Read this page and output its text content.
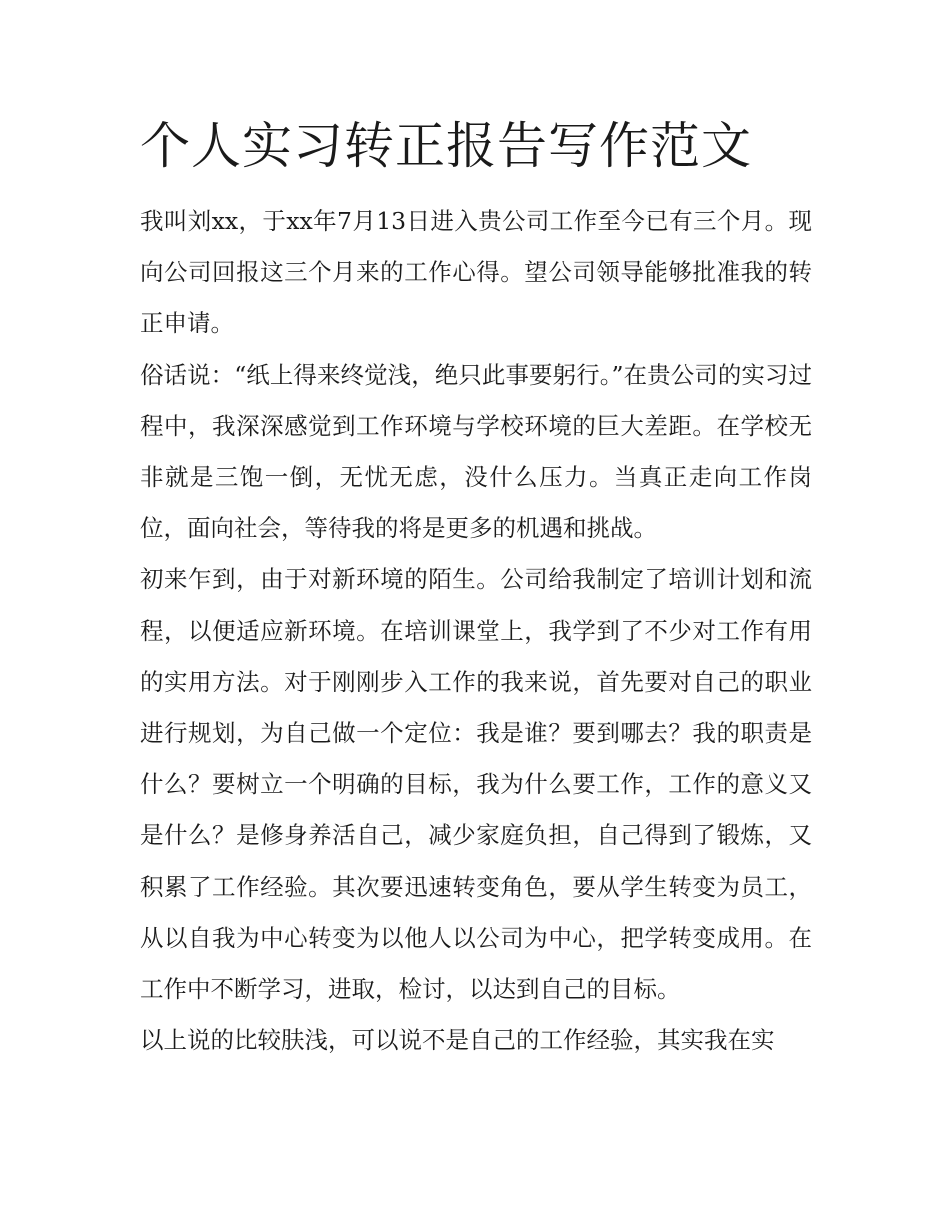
个人实习转正报告写作范文

我叫刘xx，于xx年7月13日进入贵公司工作至今已有三个月。现向公司回报这三个月来的工作心得。望公司领导能够批准我的转正申请。

俗话说：“纸上得来终觉浅，绝只此事要躬行。”在贵公司的实习过程中，我深深感觉到工作环境与学校环境的巨大差距。在学校无非就是三饱一倒，无忧无虑，没什么压力。当真正走向工作岗位，面向社会，等待我的将是更多的机遇和挑战。

初来乍到，由于对新环境的陌生。公司给我制定了培训计划和流程，以便适应新环境。在培训课堂上，我学到了不少对工作有用的实用方法。对于刚刚步入工作的我来说，首先要对自己的职业进行规划，为自己做一个定位：我是谁？要到哪去？我的职责是什么？要树立一个明确的目标，我为什么要工作，工作的意义又是什么？是修身养活自己，减少家庭负担，自己得到了锻炼，又积累了工作经验。其次要迅速转变角色，要从学生转变为员工，从以自我为中心转变为以他人以公司为中心，把学转变成用。在工作中不断学习，进取，检讨，以达到自己的目标。

以上说的比较肤浅，可以说不是自己的工作经验，其实我在实
